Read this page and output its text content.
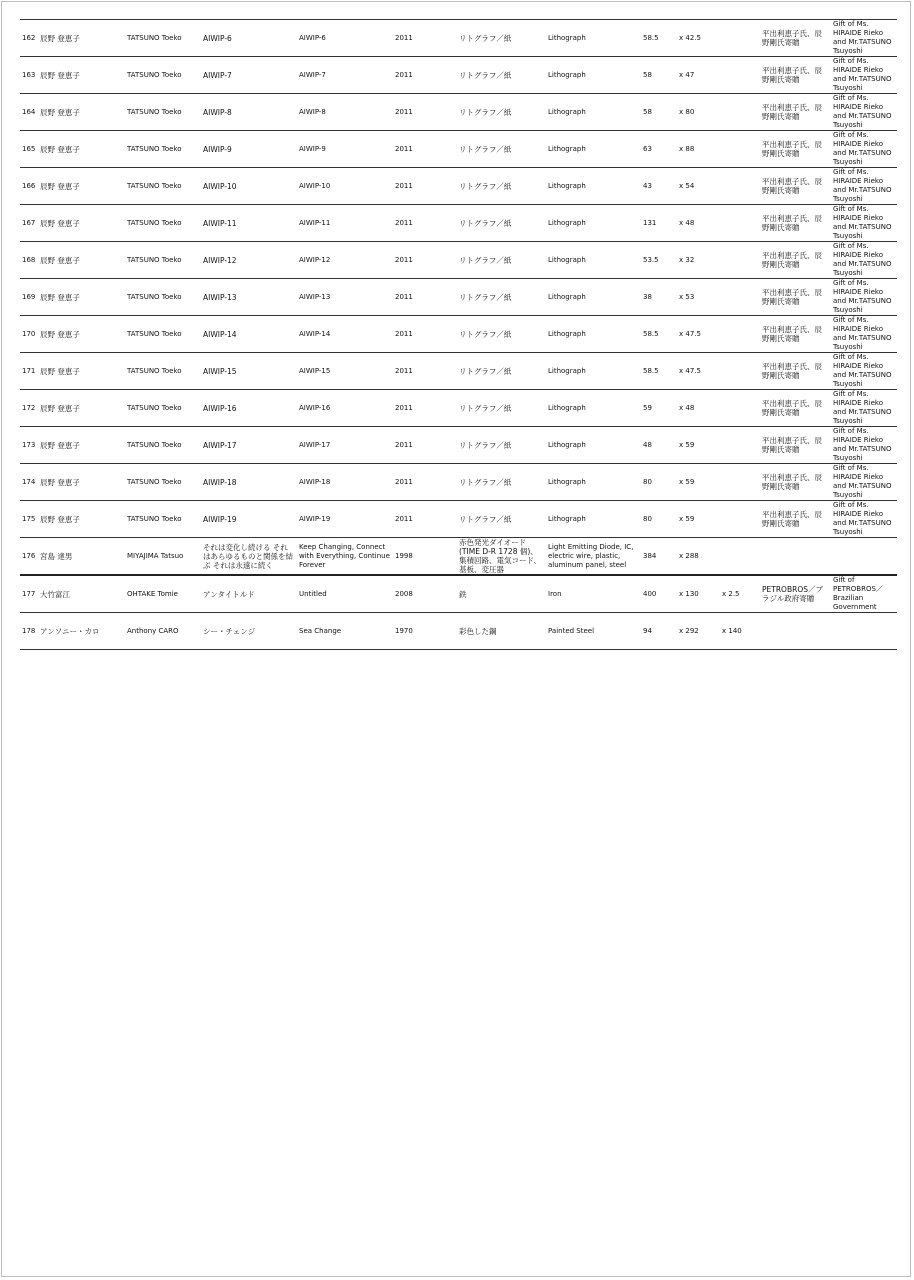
162	辰野 登恵子	TATSUNO Toeko	AIWIP-6	AIWIP-6	2011	リトグラフ／紙	Lithograph	58.5	x 42.5		平出利恵子氏、辰野剛氏寄贈	Gift of Ms. HIRAIDE Rieko and Mr.TATSUNO Tsuyoshi
163	辰野 登恵子	TATSUNO Toeko	AIWIP-7	AIWIP-7	2011	リトグラフ／紙	Lithograph	58	x 47		平出利恵子氏、辰野剛氏寄贈	Gift of Ms. HIRAIDE Rieko and Mr.TATSUNO Tsuyoshi
164	辰野 登恵子	TATSUNO Toeko	AIWIP-8	AIWIP-8	2011	リトグラフ／紙	Lithograph	58	x 80		平出利恵子氏、辰野剛氏寄贈	Gift of Ms. HIRAIDE Rieko and Mr.TATSUNO Tsuyoshi
165	辰野 登恵子	TATSUNO Toeko	AIWIP-9	AIWIP-9	2011	リトグラフ／紙	Lithograph	63	x 88		平出利恵子氏、辰野剛氏寄贈	Gift of Ms. HIRAIDE Rieko and Mr.TATSUNO Tsuyoshi
166	辰野 登恵子	TATSUNO Toeko	AIWIP-10	AIWIP-10	2011	リトグラフ／紙	Lithograph	43	x 54		平出利恵子氏、辰野剛氏寄贈	Gift of Ms. HIRAIDE Rieko and Mr.TATSUNO Tsuyoshi
167	辰野 登恵子	TATSUNO Toeko	AIWIP-11	AIWIP-11	2011	リトグラフ／紙	Lithograph	131	x 48		平出利恵子氏、辰野剛氏寄贈	Gift of Ms. HIRAIDE Rieko and Mr.TATSUNO Tsuyoshi
168	辰野 登恵子	TATSUNO Toeko	AIWIP-12	AIWIP-12	2011	リトグラフ／紙	Lithograph	53.5	x 32		平出利恵子氏、辰野剛氏寄贈	Gift of Ms. HIRAIDE Rieko and Mr.TATSUNO Tsuyoshi
169	辰野 登恵子	TATSUNO Toeko	AIWIP-13	AIWIP-13	2011	リトグラフ／紙	Lithograph	38	x 53		平出利恵子氏、辰野剛氏寄贈	Gift of Ms. HIRAIDE Rieko and Mr.TATSUNO Tsuyoshi
170	辰野 登恵子	TATSUNO Toeko	AIWIP-14	AIWIP-14	2011	リトグラフ／紙	Lithograph	58.5	x 47.5		平出利恵子氏、辰野剛氏寄贈	Gift of Ms. HIRAIDE Rieko and Mr.TATSUNO Tsuyoshi
171	辰野 登恵子	TATSUNO Toeko	AIWIP-15	AIWIP-15	2011	リトグラフ／紙	Lithograph	58.5	x 47.5		平出利恵子氏、辰野剛氏寄贈	Gift of Ms. HIRAIDE Rieko and Mr.TATSUNO Tsuyoshi
172	辰野 登恵子	TATSUNO Toeko	AIWIP-16	AIWIP-16	2011	リトグラフ／紙	Lithograph	59	x 48		平出利恵子氏、辰野剛氏寄贈	Gift of Ms. HIRAIDE Rieko and Mr.TATSUNO Tsuyoshi
173	辰野 登恵子	TATSUNO Toeko	AIWIP-17	AIWIP-17	2011	リトグラフ／紙	Lithograph	48	x 59		平出利恵子氏、辰野剛氏寄贈	Gift of Ms. HIRAIDE Rieko and Mr.TATSUNO Tsuyoshi
174	辰野 登恵子	TATSUNO Toeko	AIWIP-18	AIWIP-18	2011	リトグラフ／紙	Lithograph	80	x 59		平出利恵子氏、辰野剛氏寄贈	Gift of Ms. HIRAIDE Rieko and Mr.TATSUNO Tsuyoshi
175	辰野 登恵子	TATSUNO Toeko	AIWIP-19	AIWIP-19	2011	リトグラフ／紙	Lithograph	80	x 59		平出利恵子氏、辰野剛氏寄贈	Gift of Ms. HIRAIDE Rieko and Mr.TATSUNO Tsuyoshi
176	宮島 達男	MIYAJIMA Tatsuo	それは変化し続ける それはあらゆるものと関係を結ぶ それは永遠に続く	Keep Changing, Connect with Everything, Continue Forever	1998	赤色発光ダイオード(TIME D-R 1728 個)、集積回路、電気コード、基板、変圧器	Light Emitting Diode, IC, electric wire, plastic, aluminum panel, steel	384	x 288			
177	大竹富江	OHTAKE Tomie	アンタイトルド	Untitled	2008	鉄	Iron	400	x 130	x 2.5	PETROBROS／ブラジル政府寄贈	Gift of PETROBROS／Brazilian Government
178	アンソニー・カロ	Anthony CARO	シー・チェンジ	Sea Change	1970	彩色した鋼	Painted Steel	94	x 292	x 140		
